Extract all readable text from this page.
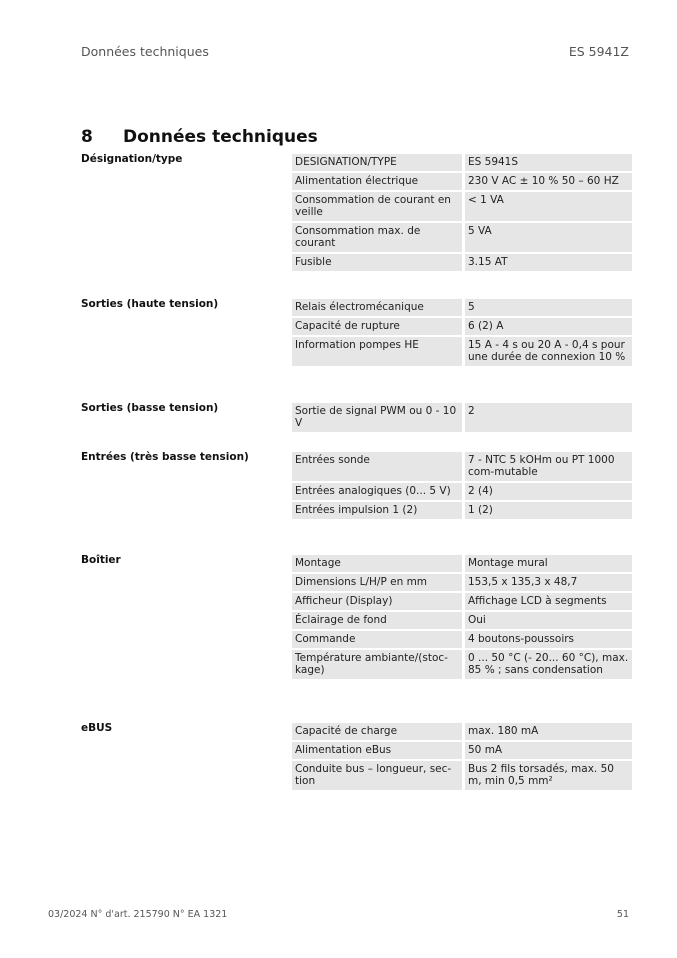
Données techniques	ES 5941Z
8 Données techniques
Désignation/type	DESIGNATION/TYPE	ES 5941S
Alimentation électrique	230 V AC ± 10 % 50 – 60 HZ
Consommation de courant en veille	< 1 VA
Consommation max. de courant	5 VA
Fusible	3.15 AT
Sorties (haute tension)	Relais électromécanique	5
Capacité de rupture	6 (2) A
Information pompes HE	15 A - 4 s ou 20 A - 0,4 s pour une durée de connexion 10 %
Sorties (basse tension)	Sortie de signal PWM ou 0 - 10 V	2
Entrées (très basse tension)	Entrées sonde	7 - NTC 5 kOHm ou PT 1000 com-mutable
Entrées analogiques (0... 5 V)	2 (4)
Entrées impulsion 1 (2)	1 (2)
Boîtier	Montage	Montage mural
Dimensions L/H/P en mm	153,5 x 135,3 x 48,7
Afficheur (Display)	Affichage LCD à segments
Éclairage de fond	Oui
Commande	4 boutons-poussoirs
Température ambiante/(stoc-kage)	0 ... 50 °C (- 20... 60 °C), max. 85 % ; sans condensation
eBUS	Capacité de charge	max. 180 mA
Alimentation eBus	50 mA
Conduite bus – longueur, sec-tion	Bus 2 fils torsadés, max. 50 m, min 0,5 mm²
03/2024 N° d'art. 215790 N° EA 1321	51
